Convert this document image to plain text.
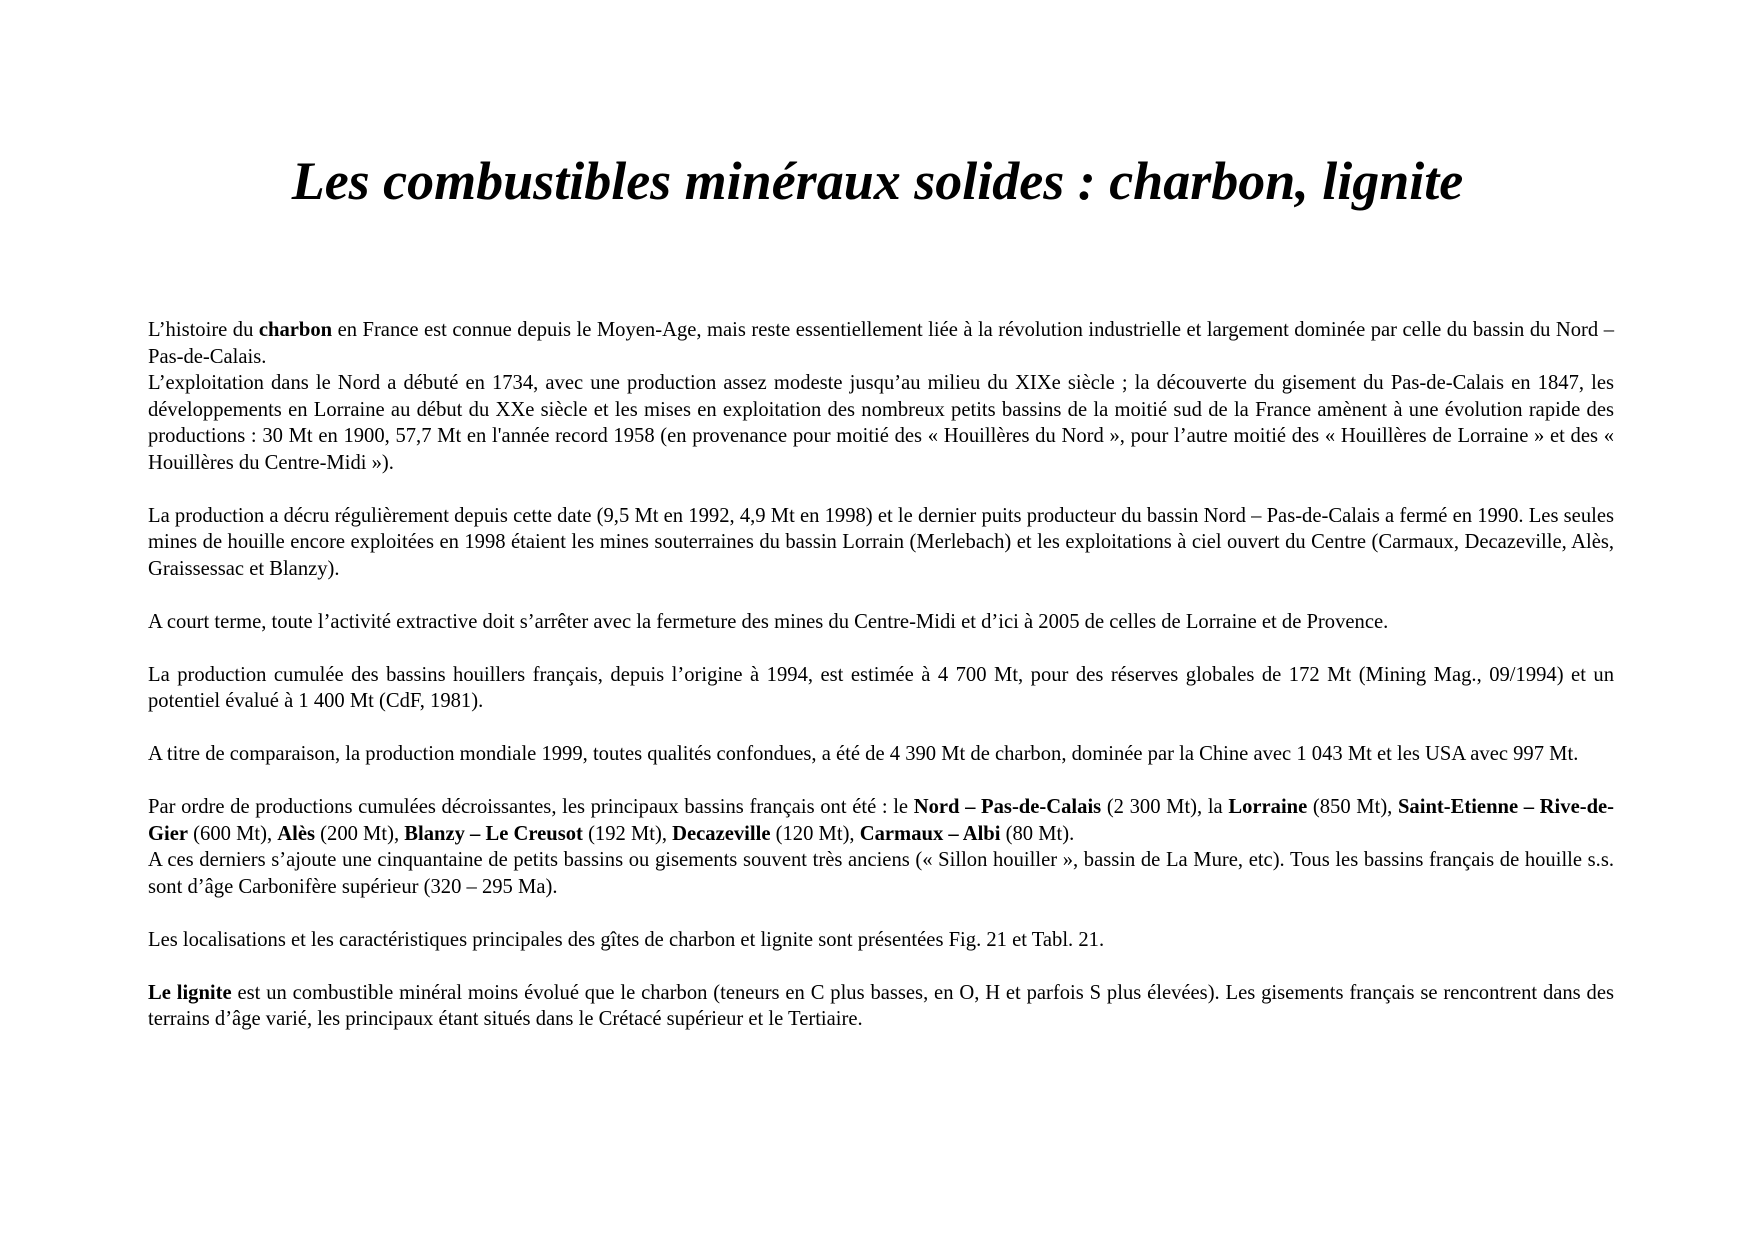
Les combustibles minéraux solides : charbon, lignite

L’histoire du charbon en France est connue depuis le Moyen-Age, mais reste essentiellement liée à la révolution industrielle et largement dominée par celle du bassin du Nord – Pas-de-Calais.

L’exploitation dans le Nord a débuté en 1734, avec une production assez modeste jusqu’au milieu du XIXe siècle ; la découverte du gisement du Pas-de-Calais en 1847, les développements en Lorraine au début du XXe siècle et les mises en exploitation des nombreux petits bassins de la moitié sud de la France amènent à une évolution rapide des productions : 30 Mt en 1900, 57,7 Mt en l'année record 1958 (en provenance pour moitié des « Houillères du Nord », pour l’autre moitié des « Houillères de Lorraine » et des « Houillères du Centre-Midi »).

La production a décru régulièrement depuis cette date (9,5 Mt en 1992, 4,9 Mt en 1998) et le dernier puits producteur du bassin Nord – Pas-de-Calais a fermé en 1990. Les seules mines de houille encore exploitées en 1998 étaient les mines souterraines du bassin Lorrain (Merlebach) et les exploitations à ciel ouvert du Centre (Carmaux, Decazeville, Alès, Graissessac et Blanzy).

A court terme, toute l’activité extractive doit s’arrêter avec la fermeture des mines du Centre-Midi et d’ici à 2005 de celles de Lorraine et de Provence.

La production cumulée des bassins houillers français, depuis l’origine à 1994, est estimée à 4 700 Mt, pour des réserves globales de 172 Mt (Mining Mag., 09/1994) et un potentiel évalué à 1 400 Mt (CdF, 1981).

A titre de comparaison, la production mondiale 1999, toutes qualités confondues, a été de 4 390 Mt de charbon, dominée par la Chine avec 1 043 Mt et les USA avec 997 Mt.

Par ordre de productions cumulées décroissantes, les principaux bassins français ont été : le Nord – Pas-de-Calais (2 300 Mt), la Lorraine (850 Mt), Saint-Etienne – Rive-de-Gier (600 Mt), Alès (200 Mt), Blanzy – Le Creusot (192 Mt), Decazeville (120 Mt), Carmaux – Albi (80 Mt).

A ces derniers s’ajoute une cinquantaine de petits bassins ou gisements souvent très anciens (« Sillon houiller », bassin de La Mure, etc). Tous les bassins français de houille s.s. sont d’âge Carbonifère supérieur (320 – 295 Ma).

Les localisations et les caractéristiques principales des gîtes de charbon et lignite sont présentées Fig. 21 et Tabl. 21.

Le lignite est un combustible minéral moins évolué que le charbon (teneurs en C plus basses, en O, H et parfois S plus élevées). Les gisements français se rencontrent dans des terrains d’âge varié, les principaux étant situés dans le Crétacé supérieur et le Tertiaire.
